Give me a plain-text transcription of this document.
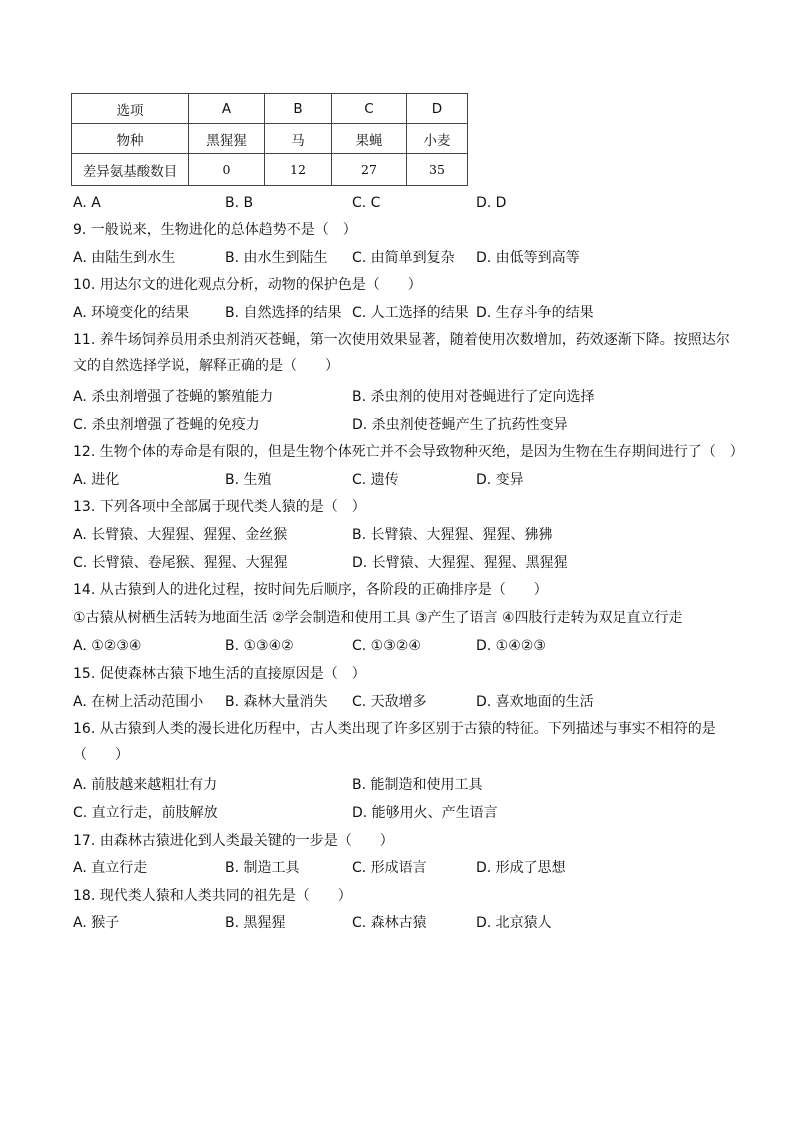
选项	A	B	C	D
物种	黑猩猩	马	果蝇	小麦
差异氨基酸数目	0	12	27	35
A. A	B. B	C. C	D. D
9. 一般说来，生物进化的总体趋势不是（　）
A. 由陆生到水生	B. 由水生到陆生 C. 由简单到复杂 D. 由低等到高等
10. 用达尔文的进化观点分析，动物的保护色是（　　）
A. 环境变化的结果	B. 自然选择的结果 C. 人工选择的结果 D. 生存斗争的结果
11. 养牛场饲养员用杀虫剂消灭苍蝇，第一次使用效果显著，随着使用次数增加，药效逐渐下降。按照达尔
文的自然选择学说，解释正确的是（　　）
A. 杀虫剂增强了苍蝇的繁殖能力	B. 杀虫剂的使用对苍蝇进行了定向选择
C. 杀虫剂增强了苍蝇的免疫力	D. 杀虫剂使苍蝇产生了抗药性变异
12. 生物个体的寿命是有限的，但是生物个体死亡并不会导致物种灭绝，是因为生物在生存期间进行了（　）
A. 进化	B. 生殖	C. 遗传	D. 变异
13. 下列各项中全部属于现代类人猿的是（　）
A. 长臂猿、大猩猩、猩猩、金丝猴	B. 长臂猿、大猩猩、猩猩、狒狒
C. 长臂猿、卷尾猴、猩猩、大猩猩	D. 长臂猿、大猩猩、猩猩、黑猩猩
14. 从古猿到人的进化过程，按时间先后顺序，各阶段的正确排序是（　　）
①古猿从树栖生活转为地面生活 ②学会制造和使用工具 ③产生了语言 ④四肢行走转为双足直立行走
A. ①②③④	B. ①③④②	C. ①③②④	D. ①④②③
15. 促使森林古猿下地生活的直接原因是（　）
A. 在树上活动范围小 B. 森林大量消失 C. 天敌增多	D. 喜欢地面的生活
16. 从古猿到人类的漫长进化历程中，古人类出现了许多区别于古猿的特征。下列描述与事实不相符的是
（　　）
A. 前肢越来越粗壮有力	B. 能制造和使用工具
C. 直立行走，前肢解放	D. 能够用火、产生语言
17. 由森林古猿进化到人类最关键的一步是（　　）
A. 直立行走	B. 制造工具	C. 形成语言	D. 形成了思想
18. 现代类人猿和人类共同的祖先是（　　）
A. 猴子	B. 黑猩猩	C. 森林古猿	D. 北京猿人
